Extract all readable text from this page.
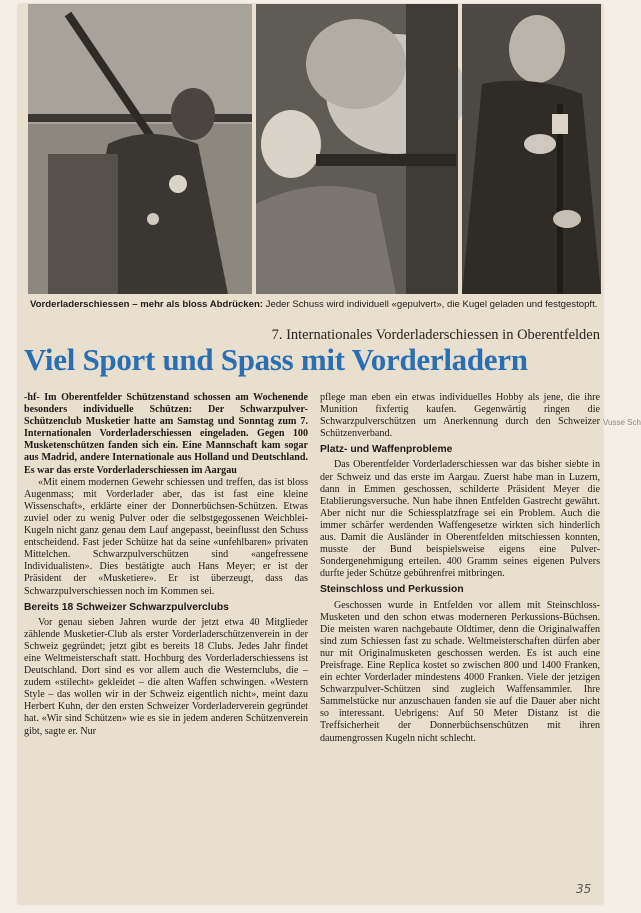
Vorderladerschiessen – mehr als bloss Abdrücken: Jeder Schuss wird individuell «gepulvert», die Kugel geladen und festgestopft.
7. Internationales Vorderladerschiessen in Oberentfelden
Viel Sport und Spass mit Vorderladern

-hf- Im Oberentfelder Schützenstand schossen am Wochenende besonders individuelle Schützen: Der Schwarzpulver-Schützenclub Musketier hatte am Samstag und Sonntag zum 7. Internationalen Vorderladerschiessen eingeladen. Gegen 100 Musketenschützen fanden sich ein. Eine Mannschaft kam sogar aus Madrid, andere Internationale aus Holland und Deutschland. Es war das erste Vorderladerschiessen im Aargau

«Mit einem modernen Gewehr schiessen und treffen, das ist bloss Augenmass; mit Vorderlader aber, das ist fast eine kleine Wissenschaft», erklärte einer der Donnerbüchsen-Schützen. Etwas zuviel oder zu wenig Pulver oder die selbstgegossenen Weichblei-Kugeln nicht ganz genau dem Lauf angepasst, beeinflusst den Schuss entscheidend. Fast jeder Schütze hat da seine «unfehlbaren» privaten Mittelchen. Schwarzpulverschützen sind «angefressene Individualisten». Dies bestätigte auch Hans Meyer; er ist der Präsident der «Musketiere». Er ist überzeugt, dass das Schwarzpulverschiessen noch im Kommen sei.

Bereits 18 Schweizer Schwarzpulverclubs

Vor genau sieben Jahren wurde der jetzt etwa 40 Mitglieder zählende Musketier-Club als erster Vorderladerschützenverein in der Schweiz gegründet; jetzt gibt es bereits 18 Clubs. Jedes Jahr findet eine Weltmeisterschaft statt. Hochburg des Vorderladerschiessens ist Deutschland. Dort sind es vor allem auch die Westernclubs, die – zudem «stilecht» gekleidet – die alten Waffen schwingen. «Western Style – das wollen wir in der Schweiz eigentlich nicht», meint dazu Herbert Kuhn, der den ersten Schweizer Vorderladerverein gegründet hat. «Wir sind Schützen» wie es sie in jedem anderen Schützenverein gibt, sagte er. Nur

pflege man eben ein etwas individuelles Hobby als jene, die ihre Munition fixfertig kaufen. Gegenwärtig ringen die Schwarzpulverschützen um Anerkennung durch den Schweizer Schützenverband.

Platz- und Waffenprobleme

Das Oberentfelder Vorderladerschiessen war das bisher siebte in der Schweiz und das erste im Aargau. Zuerst habe man in Luzern, dann in Emmen geschossen, schilderte Präsident Meyer die Etablierungsversuche. Nun habe ihnen Entfelden Gastrecht gewährt. Aber nicht nur die Schiessplatzfrage sei ein Problem. Auch die immer schärfer werdenden Waffengesetze wirkten sich hinderlich aus. Damit die Ausländer in Oberentfelden mitschiessen konnten, musste der Bund beispielsweise eigens eine Pulver-Sondergenehmigung erteilen. 400 Gramm seines eigenen Pulvers durfte jeder Schütze gebührenfrei mitbringen.

Steinschloss und Perkussion

Geschossen wurde in Entfelden vor allem mit Steinschloss-Musketen und den schon etwas moderneren Perkussions-Büchsen. Die meisten waren nachgebaute Oldtimer, denn die Originalwaffen sind zum Schiessen fast zu schade. Weltmeisterschaften dürfen aber nur mit Originalmusketen geschossen werden. Es ist auch eine Preisfrage. Eine Replica kostet so zwischen 800 und 1400 Franken, ein echter Vorderlader mindestens 4000 Franken. Viele der jetzigen Schwarzpulver-Schützen sind zugleich Waffensammler. Ihre Sammelstücke nur anzuschauen fanden sie auf die Dauer aber nicht so interessant. Uebrigens: Auf 50 Meter Distanz ist die Treffsicherheit der Donnerbüchsenschützen mit ihren daumengrossen Kugeln nicht schlecht.

35
Vusse Sch
